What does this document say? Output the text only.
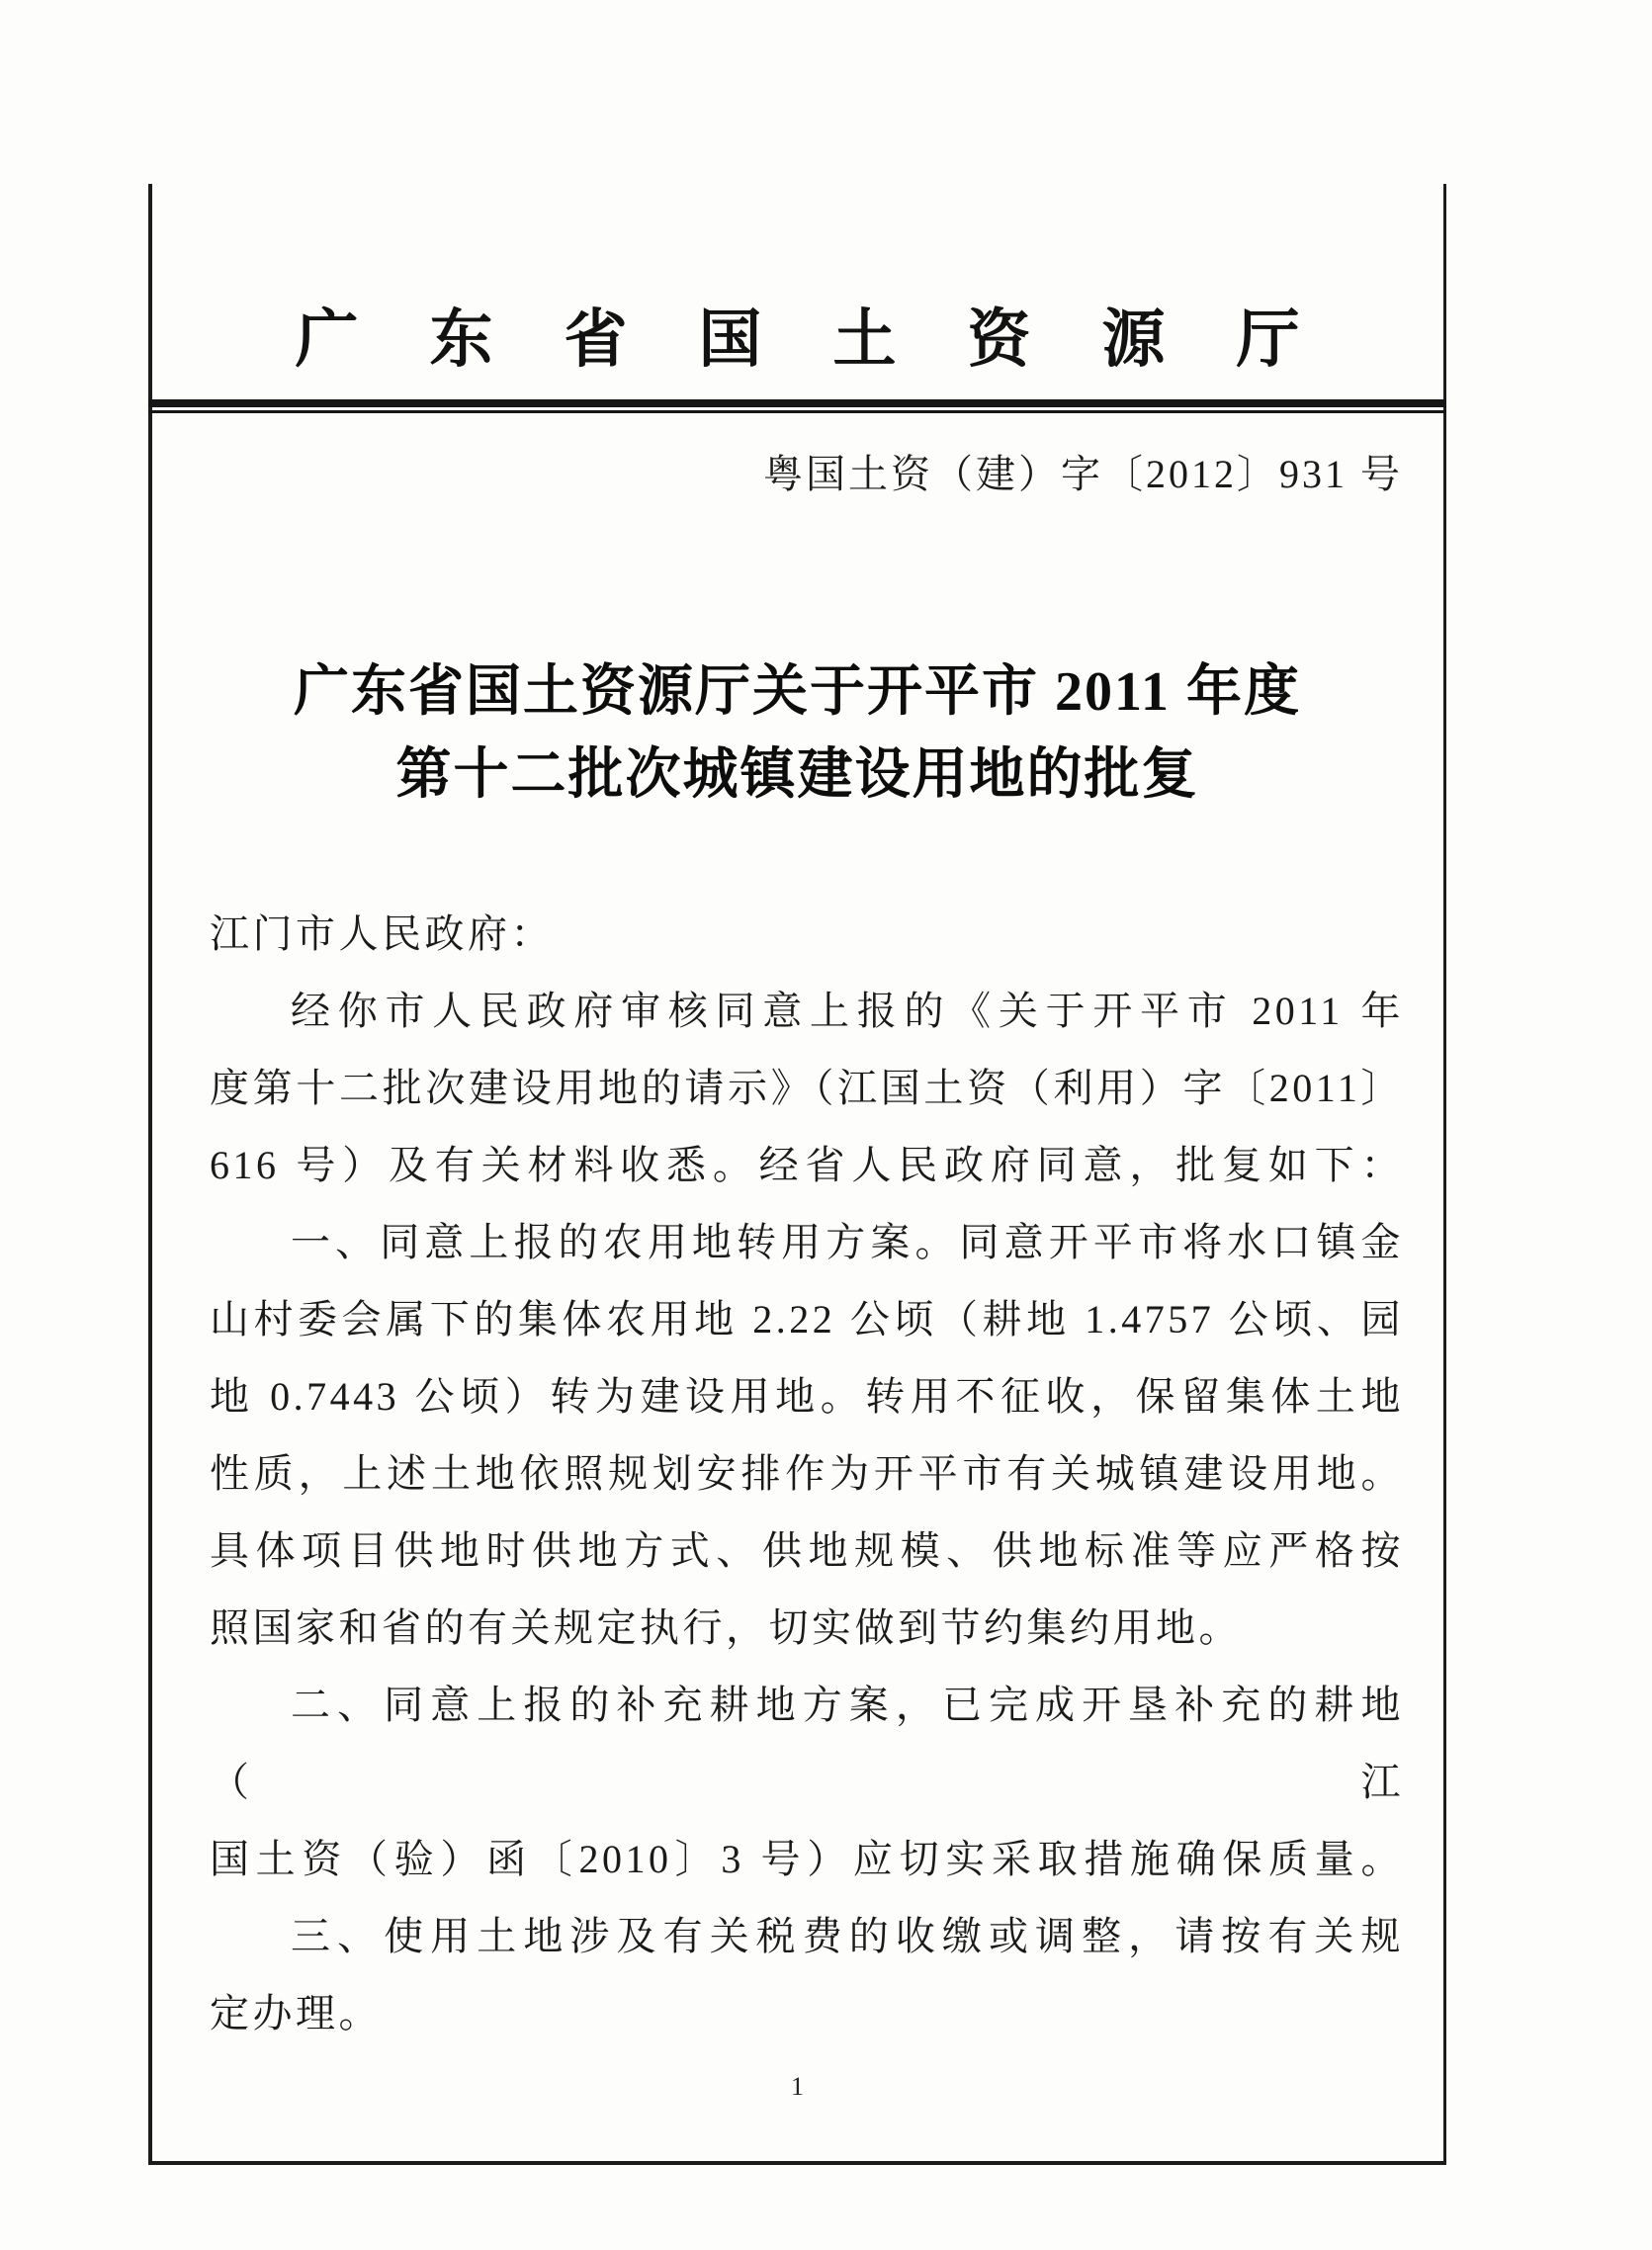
广 东 省 国 土 资 源 厅
粤国土资（建）字〔2012〕931 号
广东省国土资源厅关于开平市 2011 年度
第十二批次城镇建设用地的批复
江门市人民政府：
经你市人民政府审核同意上报的《关于开平市 2011 年
度第十二批次建设用地的请示》（江国土资（利用）字〔2011〕
616 号）及有关材料收悉。经省人民政府同意，批复如下：
一、同意上报的农用地转用方案。同意开平市将水口镇金
山村委会属下的集体农用地 2.22 公顷（耕地 1.4757 公顷、园
地 0.7443 公顷）转为建设用地。转用不征收，保留集体土地
性质，上述土地依照规划安排作为开平市有关城镇建设用地。
具体项目供地时供地方式、供地规模、供地标准等应严格按
照国家和省的有关规定执行，切实做到节约集约用地。
二、同意上报的补充耕地方案，已完成开垦补充的耕地（江
国土资（验）函〔2010〕3 号）应切实采取措施确保质量。
三、使用土地涉及有关税费的收缴或调整，请按有关规
定办理。
1
